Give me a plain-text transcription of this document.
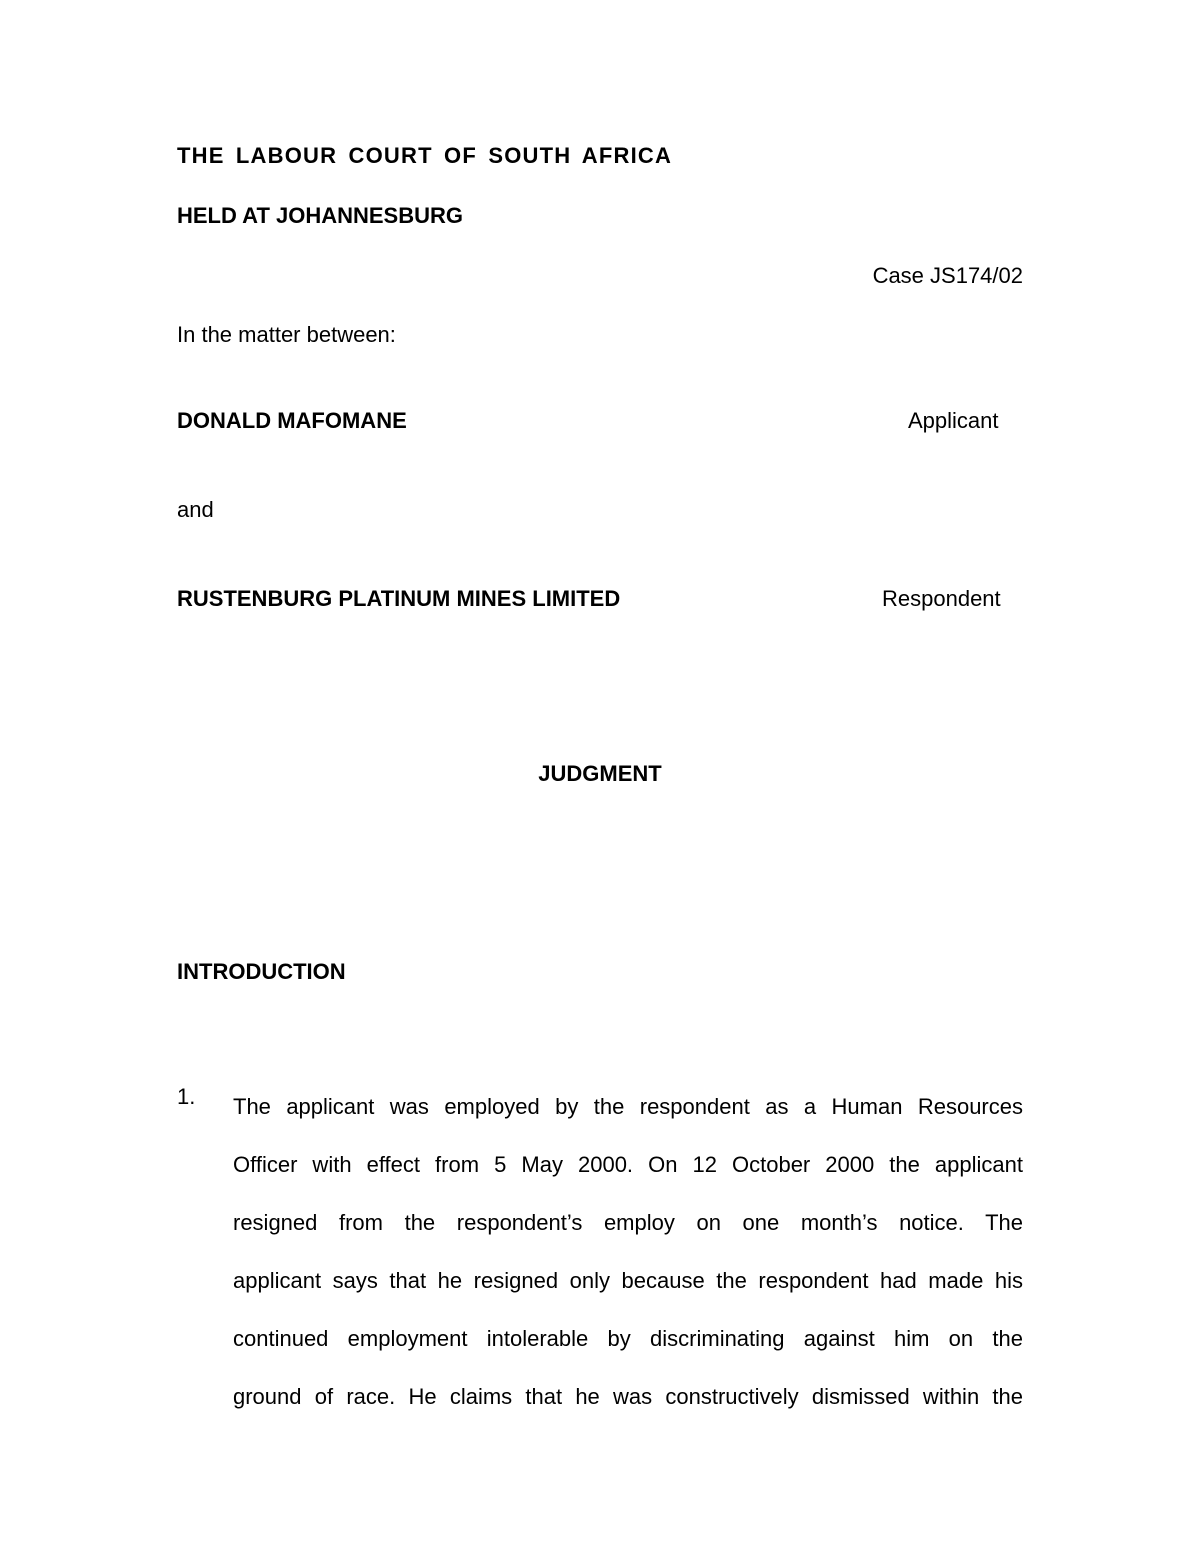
THE LABOUR COURT OF SOUTH AFRICA
HELD AT JOHANNESBURG
Case JS174/02
In the matter between:
DONALD MAFOMANE	Applicant
and
RUSTENBURG PLATINUM MINES LIMITED	Respondent
JUDGMENT
INTRODUCTION
1. The applicant was employed by the respondent as a Human Resources
Officer with effect from 5 May 2000. On 12 October 2000 the applicant
resigned from the respondent’s employ on one month’s notice. The
applicant says that he resigned only because the respondent had made his
continued employment intolerable by discriminating against him on the
ground of race. He claims that he was constructively dismissed within the
